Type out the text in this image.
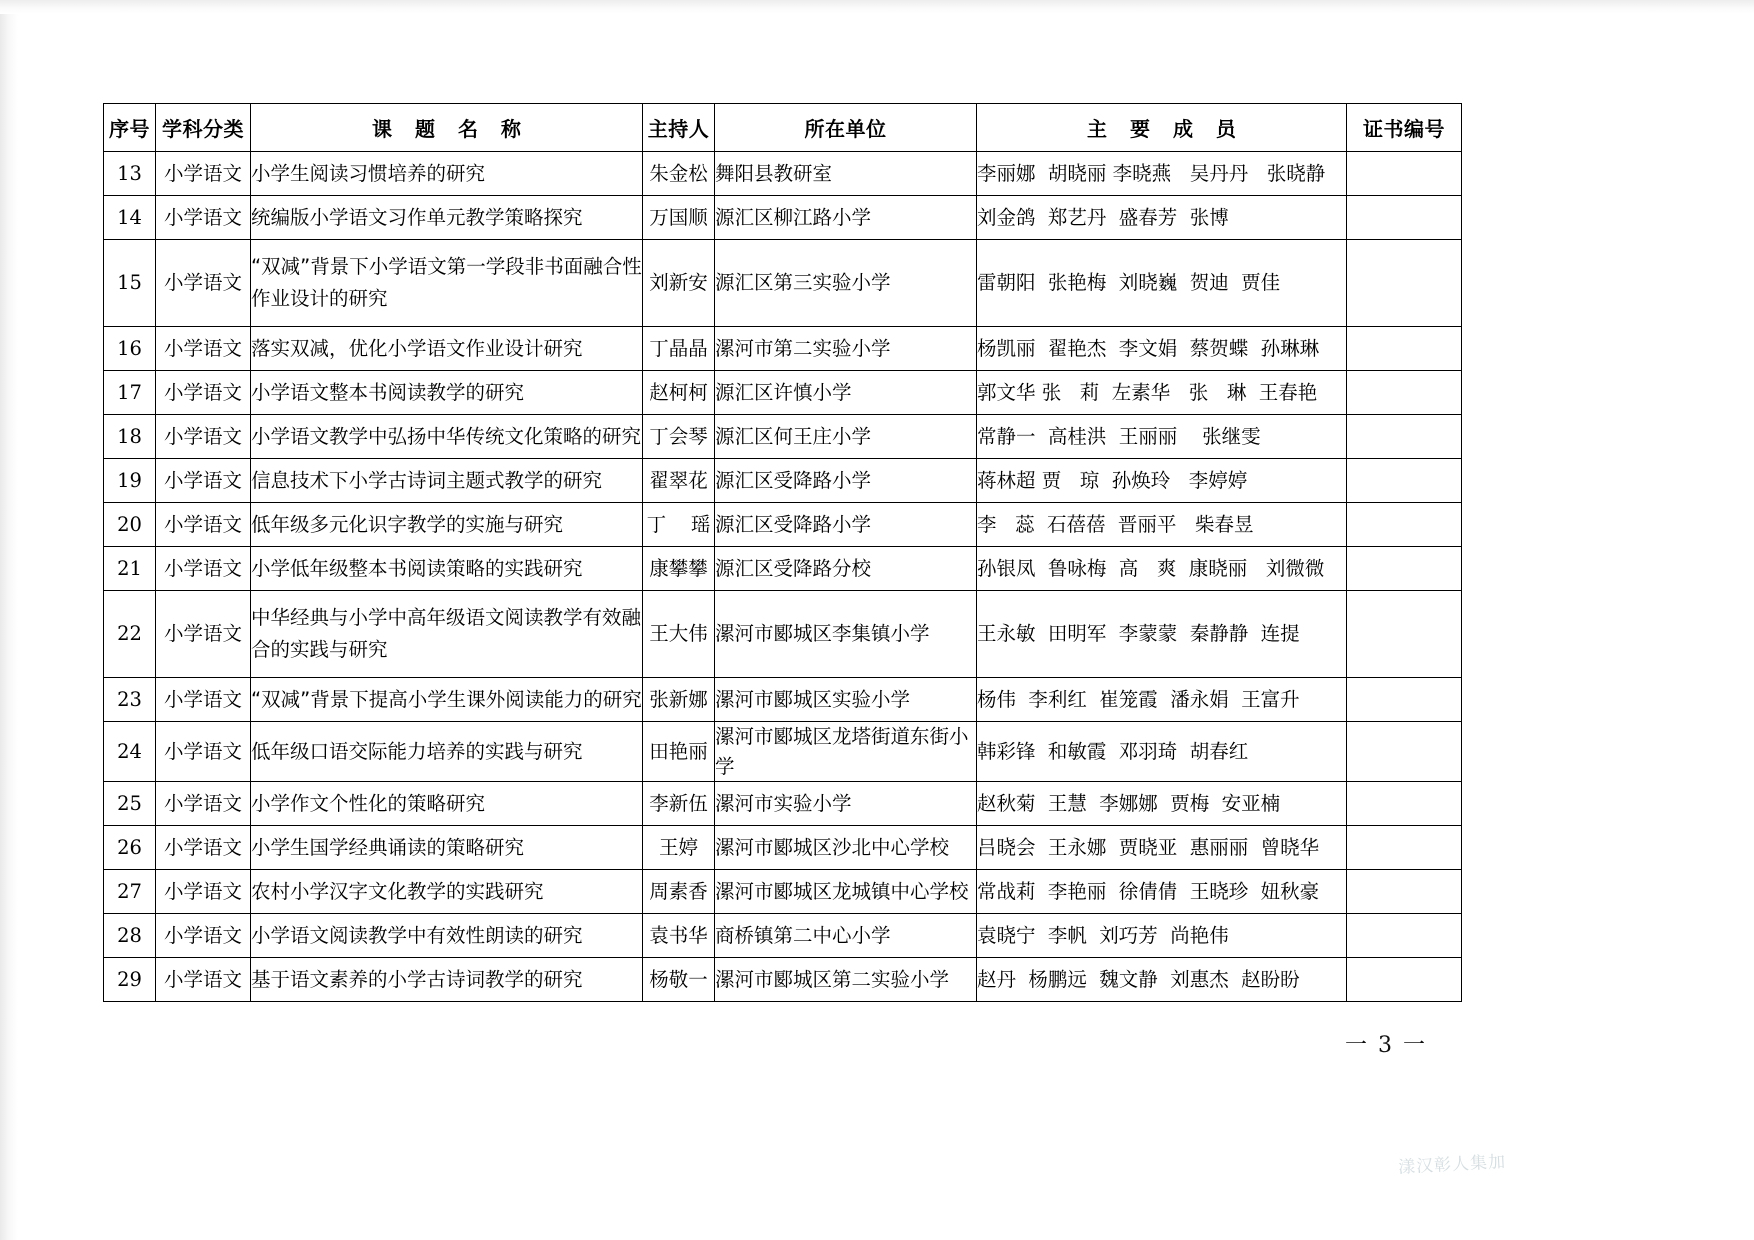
序号	学科分类	课 题 名 称	主持人	所在单位	主 要 成 员	证书编号
13	小学语文	小学生阅读习惯培养的研究	朱金松	舞阳县教研室	李丽娜  胡晓丽 李晓燕   吴丹丹   张晓静	
14	小学语文	统编版小学语文习作单元教学策略探究	万国顺	源汇区柳江路小学	刘金鸽  郑艺丹  盛春芳  张博	
15	小学语文	“双减”背景下小学语文第一学段非书面融合性
作业设计的研究	刘新安	源汇区第三实验小学	雷朝阳  张艳梅  刘晓巍  贺迪  贾佳	
16	小学语文	落实双减，优化小学语文作业设计研究	丁晶晶	漯河市第二实验小学	杨凯丽  翟艳杰  李文娟  蔡贺蝶  孙琳琳	
17	小学语文	小学语文整本书阅读教学的研究	赵柯柯	源汇区许慎小学	郭文华 张   莉  左素华   张   琳  王春艳	
18	小学语文	小学语文教学中弘扬中华传统文化策略的研究	丁会琴	源汇区何王庄小学	常静一  高桂洪  王丽丽    张继雯	
19	小学语文	信息技术下小学古诗词主题式教学的研究	翟翠花	源汇区受降路小学	蒋林超 贾   琼  孙焕玲   李婷婷	
20	小学语文	低年级多元化识字教学的实施与研究	丁    瑶	源汇区受降路小学	李   蕊  石蓓蓓  晋丽平   柴春昱	
21	小学语文	小学低年级整本书阅读策略的实践研究	康攀攀	源汇区受降路分校	孙银凤  鲁咏梅  高   爽  康晓丽   刘微微	
22	小学语文	中华经典与小学中高年级语文阅读教学有效融
合的实践与研究	王大伟	漯河市郾城区李集镇小学	王永敏  田明军  李蒙蒙  秦静静  连提	
23	小学语文	“双减”背景下提高小学生课外阅读能力的研究	张新娜	漯河市郾城区实验小学	杨伟  李利红  崔笼霞  潘永娟  王富升	
24	小学语文	低年级口语交际能力培养的实践与研究	田艳丽	漯河市郾城区龙塔街道东街小学	韩彩锋  和敏霞  邓羽琦  胡春红	
25	小学语文	小学作文个性化的策略研究	李新伍	漯河市实验小学	赵秋菊  王慧  李娜娜  贾梅  安亚楠	
26	小学语文	小学生国学经典诵读的策略研究	王婷	漯河市郾城区沙北中心学校	吕晓会  王永娜  贾晓亚  惠丽丽  曾晓华	
27	小学语文	农村小学汉字文化教学的实践研究	周素香	漯河市郾城区龙城镇中心学校	常战莉  李艳丽  徐倩倩  王晓珍  妞秋豪	
28	小学语文	小学语文阅读教学中有效性朗读的研究	袁书华	商桥镇第二中心小学	袁晓宁  李帆  刘巧芳  尚艳伟	
29	小学语文	基于语文素养的小学古诗词教学的研究	杨敬一	漯河市郾城区第二实验小学	赵丹  杨鹏远  魏文静  刘惠杰  赵盼盼	
一 3 一
漾汉彰人集加
